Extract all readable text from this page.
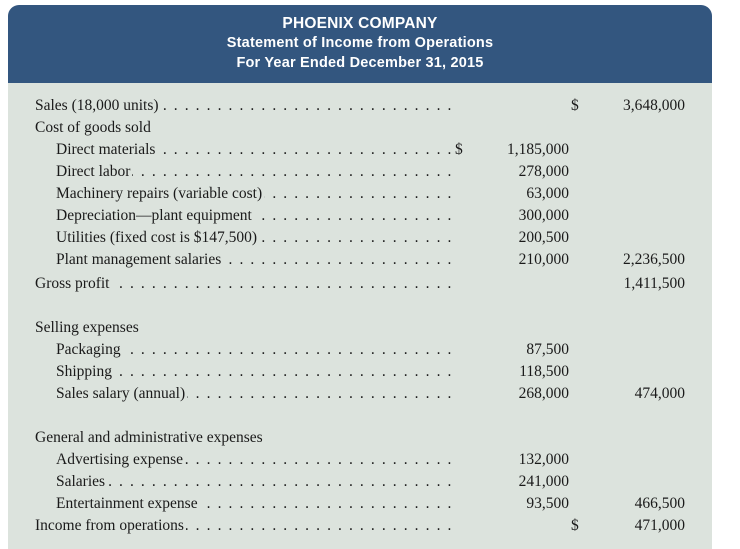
PHOENIX COMPANY
Statement of Income from Operations
For Year Ended December 31, 2015
Sales (18,000 units) . . .			$	3,648,000	

Cost of goods sold					

Direct materials . . .	$	1,185,000			

Direct labor . . .		278,000			

Machinery repairs (variable cost) . . .		63,000			

Depreciation—plant equipment . . .		300,000			

Utilities (fixed cost is $147,500) . . .		200,500			

Plant management salaries . . .		210,000		2,236,500	

Gross profit . . .				1,411,500	

Selling expenses					

Packaging . . .		87,500			

Shipping . . .		118,500			

Sales salary (annual) . . .		268,000		474,000	

General and administrative expenses					

Advertising expense . . .		132,000			

Salaries . . .		241,000			

Entertainment expense . . .		93,500		466,500	

Income from operations . . .			$	471,000	
